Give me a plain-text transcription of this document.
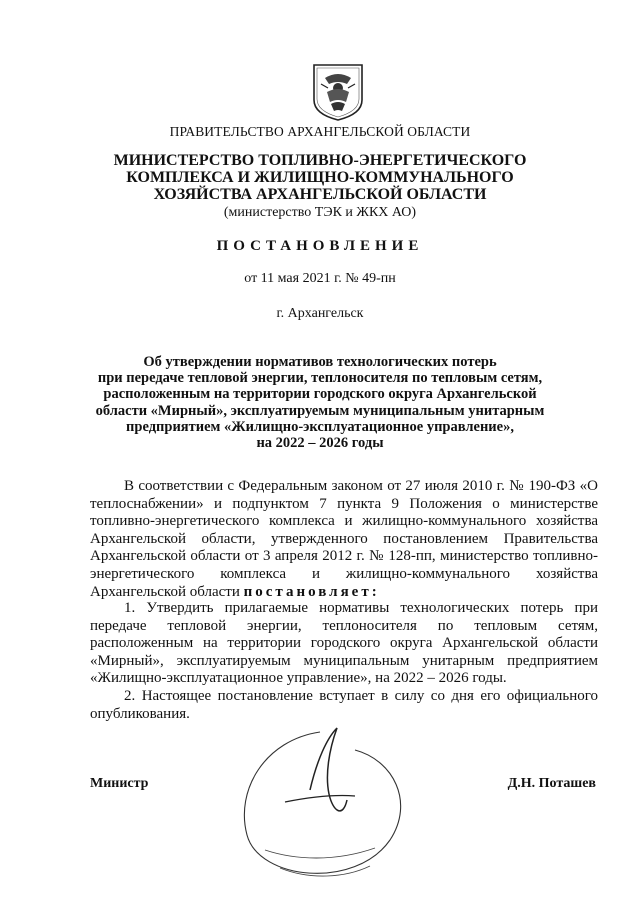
ПРАВИТЕЛЬСТВО АРХАНГЕЛЬСКОЙ ОБЛАСТИ
МИНИСТЕРСТВО ТОПЛИВНО-ЭНЕРГЕТИЧЕСКОГО
КОМПЛЕКСА И ЖИЛИЩНО-КОММУНАЛЬНОГО
ХОЗЯЙСТВА АРХАНГЕЛЬСКОЙ ОБЛАСТИ
(министерство ТЭК и ЖКХ АО)
ПОСТАНОВЛЕНИЕ
от 11 мая 2021 г. № 49-пн
г. Архангельск
Об утверждении нормативов технологических потерь
при передаче тепловой энергии, теплоносителя по тепловым сетям,
расположенным на территории городского округа Архангельской
области «Мирный», эксплуатируемым муниципальным унитарным
предприятием «Жилищно-эксплуатационное управление»,
на 2022 – 2026 годы
В соответствии с Федеральным законом от 27 июля 2010 г. № 190-ФЗ «О теплоснабжении» и подпунктом 7 пункта 9 Положения о министерстве топливно-энергетического комплекса и жилищно-коммунального хозяйства Архангельской области, утвержденного постановлением Правительства Архангельской области от 3 апреля 2012 г. № 128-пп, министерство топливно-энергетического комплекса и жилищно-коммунального хозяйства Архангельской области постановляет:
1. Утвердить прилагаемые нормативы технологических потерь при передаче тепловой энергии, теплоносителя по тепловым сетям, расположенным на территории городского округа Архангельской области «Мирный», эксплуатируемым муниципальным унитарным предприятием «Жилищно-эксплуатационное управление», на 2022 – 2026 годы.
2. Настоящее постановление вступает в силу со дня его официального опубликования.
Министр	Д.Н. Поташев
